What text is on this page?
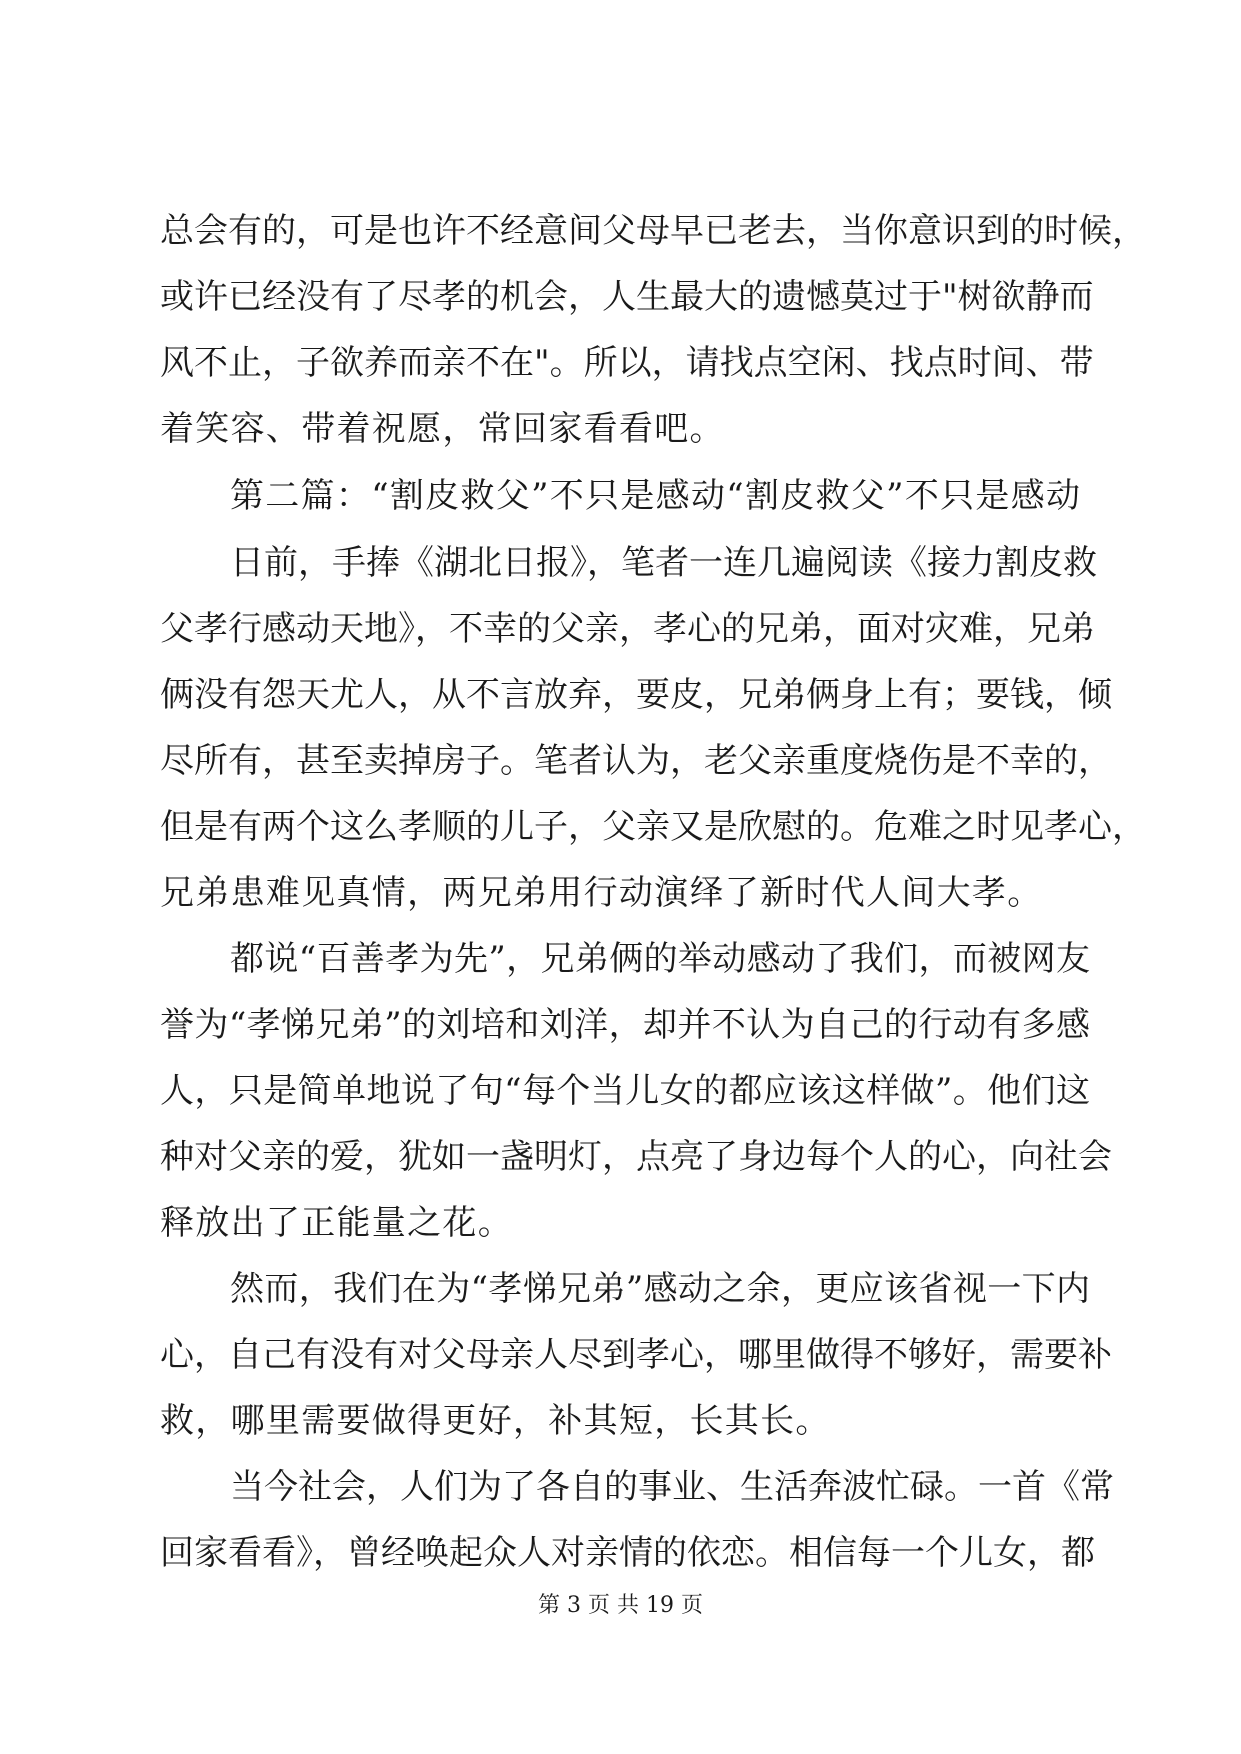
总会有的，可是也许不经意间父母早已老去，当你意识到的时候，
或许已经没有了尽孝的机会，人生最大的遗憾莫过于"树欲静而
风不止，子欲养而亲不在"。所以，请找点空闲、找点时间、带
着笑容、带着祝愿，常回家看看吧。
第二篇：“割皮救父”不只是感动“割皮救父”不只是感动
日前，手捧《湖北日报》，笔者一连几遍阅读《接力割皮救
父孝行感动天地》，不幸的父亲，孝心的兄弟，面对灾难，兄弟
俩没有怨天尤人，从不言放弃，要皮，兄弟俩身上有；要钱，倾
尽所有，甚至卖掉房子。笔者认为，老父亲重度烧伤是不幸的，
但是有两个这么孝顺的儿子，父亲又是欣慰的。危难之时见孝心，
兄弟患难见真情，两兄弟用行动演绎了新时代人间大孝。
都说“百善孝为先”，兄弟俩的举动感动了我们，而被网友
誉为“孝悌兄弟”的刘培和刘洋，却并不认为自己的行动有多感
人，只是简单地说了句“每个当儿女的都应该这样做”。他们这
种对父亲的爱，犹如一盏明灯，点亮了身边每个人的心，向社会
释放出了正能量之花。
然而，我们在为“孝悌兄弟”感动之余，更应该省视一下内
心，自己有没有对父母亲人尽到孝心，哪里做得不够好，需要补
救，哪里需要做得更好，补其短，长其长。
当今社会，人们为了各自的事业、生活奔波忙碌。一首《常
回家看看》，曾经唤起众人对亲情的依恋。相信每一个儿女，都
第 3 页 共 19 页
